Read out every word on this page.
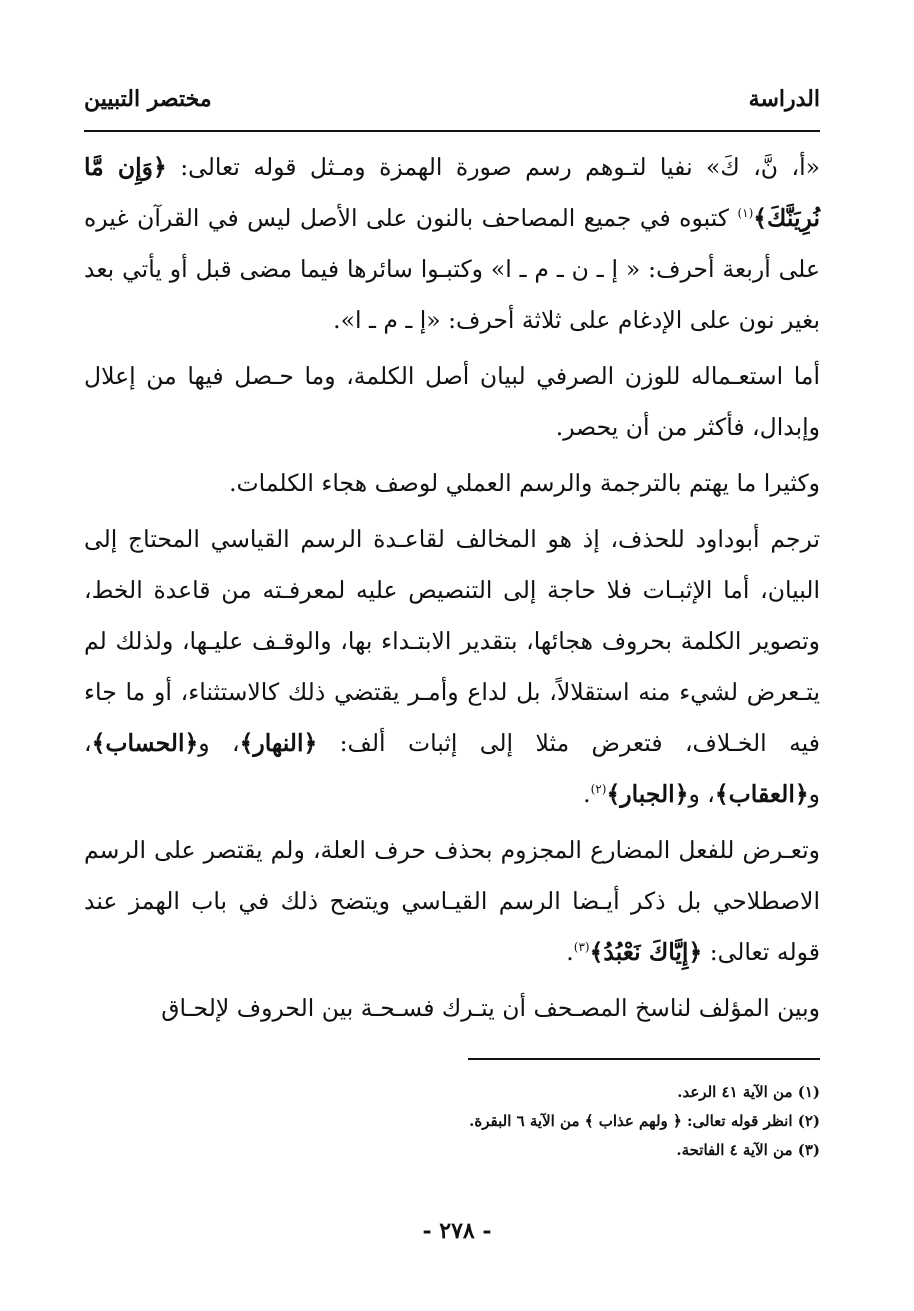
الدراسة
مختصر التبيين

«أ، نَّ، كَ» نفيا لتـوهم رسم صورة الهمزة ومـثل قوله تعالى: ﴿وَإِن مَّا نُرِيَنَّكَ﴾$^{(١)}$ كتبوه في جميع المصاحف بالنون على الأصل ليس في القرآن غيره على أربعة أحرف: « إ ـ ن ـ م ـ ا» وكتبـوا سائرها فيما مضى قبل أو يأتي بعد بغير نون على الإدغام على ثلاثة أحرف: «إ ـ م ـ ا».

أما استعـماله للوزن الصرفي لبيان أصل الكلمة، وما حـصل فيها من إعلال وإبدال، فأكثر من أن يحصر.

وكثيرا ما يهتم بالترجمة والرسم العملي لوصف هجاء الكلمات.

ترجم أبوداود للحذف، إذ هو المخالف لقاعـدة الرسم القياسي المحتاج إلى البيان، أما الإثبـات فلا حاجة إلى التنصيص عليه لمعرفـته من قاعدة الخط، وتصوير الكلمة بحروف هجائها، بتقدير الابتـداء بها، والوقـف عليـها، ولذلك لم يتـعرض لشيء منه استقلالاً، بل لداع وأمـر يقتضي ذلك كالاستثناء، أو ما جاء فيه الخـلاف، فتعرض مثلا إلى إثبات ألف: ﴿النهار﴾، و﴿الحساب﴾، و﴿العقاب﴾، و﴿الجبار﴾$^{(٢)}$.

وتعـرض للفعل المضارع المجزوم بحذف حرف العلة، ولم يقتصر على الرسم الاصطلاحي بل ذكر أيـضا الرسم القيـاسي ويتضح ذلك في باب الهمز عند قوله تعالى: ﴿إِيَّاكَ نَعْبُدُ﴾$^{(٣)}$.

وبين المؤلف لناسخ المصـحف أن يتـرك فسـحـة بين الحروف لإلحـاق

(١) من الآية ٤١ الرعد.

(٢) انظر قوله تعالى: ﴿ ولهم عذاب ﴾ من الآية ٦ البقرة.

(٣) من الآية ٤ الفاتحة.

- ٢٧٨ -
